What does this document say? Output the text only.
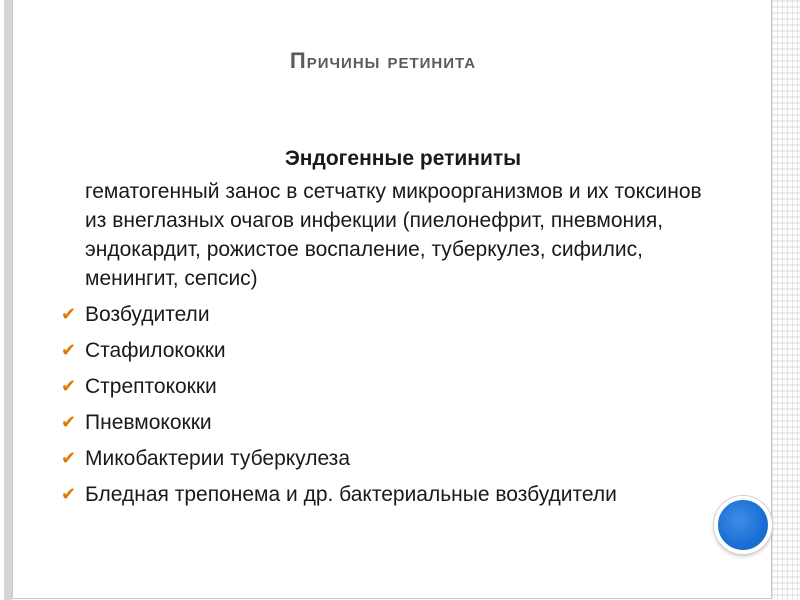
Причины ретинита
Эндогенные ретиниты
гематогенный занос в сетчатку микроорганизмов и их токсинов из внеглазных очагов инфекции (пиелонефрит, пневмония, эндокардит, рожистое воспаление, туберкулез, сифилис, менингит, сепсис)
✔ Возбудители
✔ Стафилококки
✔ Стрептококки
✔ Пневмококки
✔ Микобактерии туберкулеза
✔ Бледная трепонема и др. бактериальные возбудители
